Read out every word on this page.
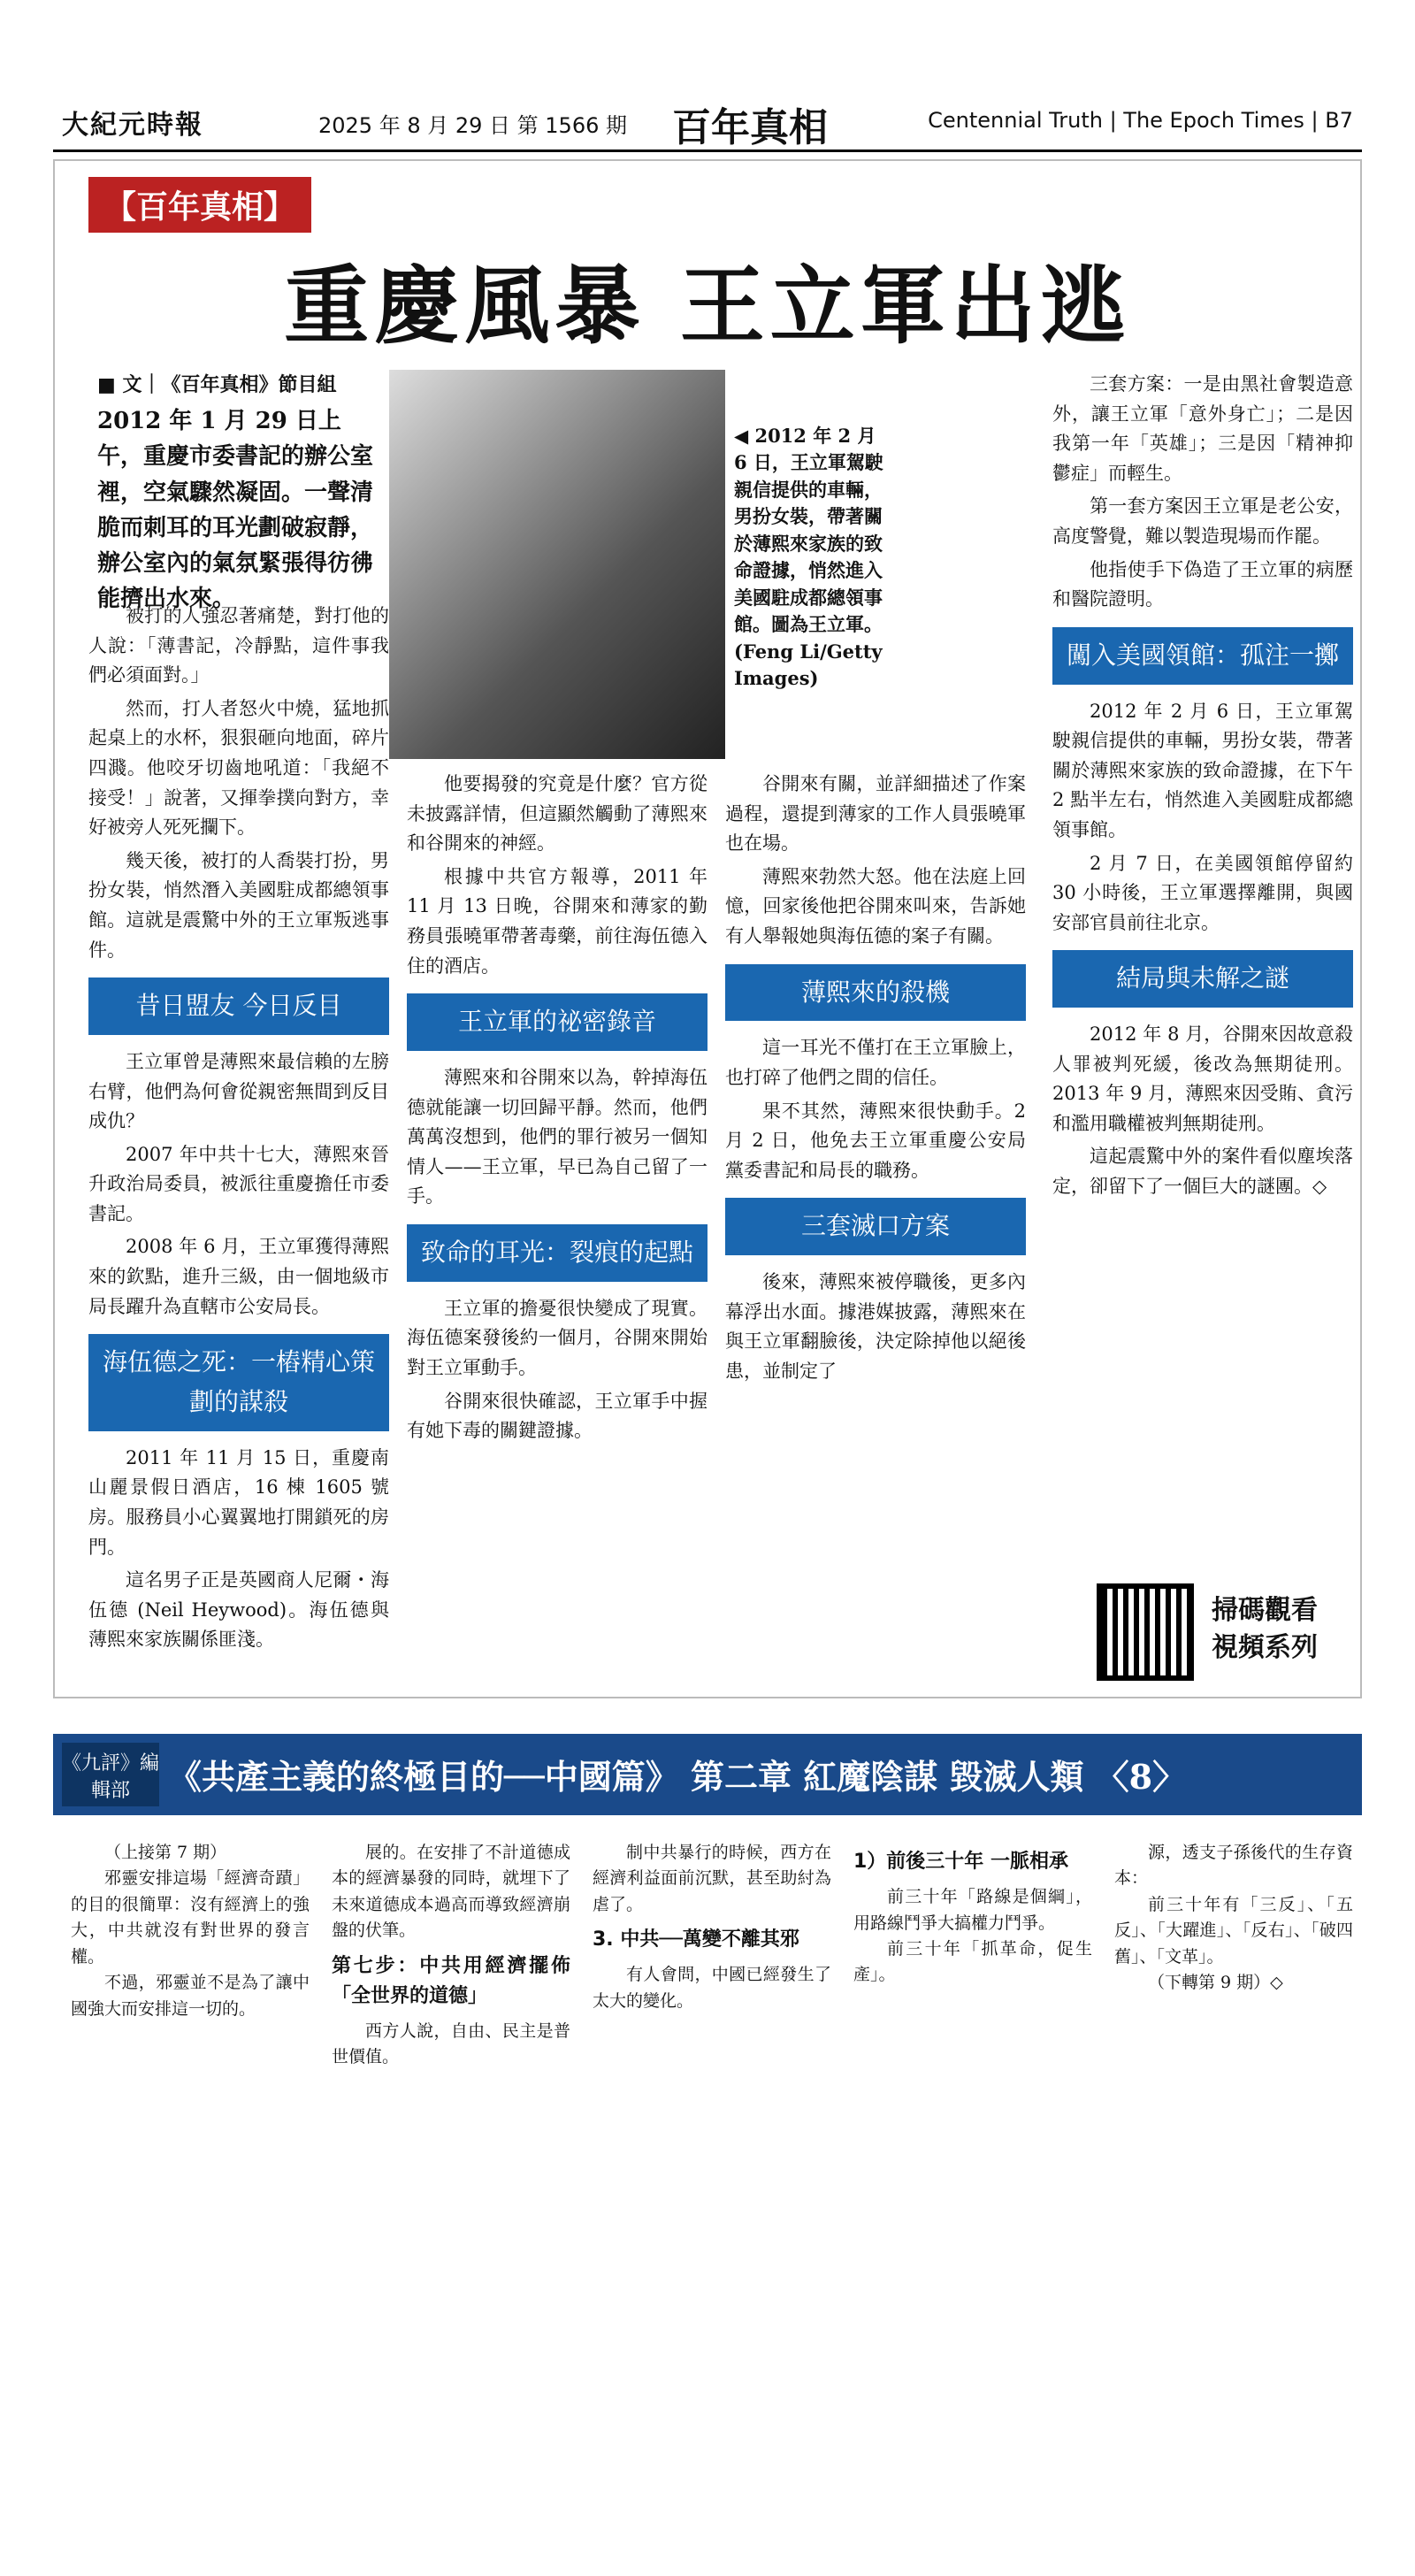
大紀元時報	2025 年 8 月 29 日 第 1566 期 百年真相	Centennial Truth | The Epoch Times | B7
【百年真相】
重慶風暴 王立軍出逃
■ 文｜《百年真相》節目組
2012 年 1 月 29 日上午，重慶市委書記的辦公室裡，空氣驟然凝固。一聲清脆而刺耳的耳光劃破寂靜，辦公室內的氣氛緊張得彷彿能擠出水來。
◀ 2012 年 2 月 6 日，王立軍駕駛親信提供的車輛，男扮女裝，帶著關於薄熙來家族的致命證據，悄然進入美國駐成都總領事館。圖為王立軍。(Feng Li/Getty Images)

被打的人強忍著痛楚，對打他的人說：「薄書記，冷靜點，這件事我們必須面對。」

然而，打人者怒火中燒，猛地抓起桌上的水杯，狠狠砸向地面，碎片四濺。他咬牙切齒地吼道：「我絕不接受！」說著，又揮拳撲向對方，幸好被旁人死死攔下。

幾天後，被打的人喬裝打扮，男扮女裝，悄然潛入美國駐成都總領事館。這就是震驚中外的王立軍叛逃事件。

昔日盟友 今日反目

王立軍曾是薄熙來最信賴的左膀右臂，他們為何會從親密無間到反目成仇？

2007 年中共十七大，薄熙來晉升政治局委員，被派往重慶擔任市委書記。

2008 年 6 月，王立軍獲得薄熙來的欽點，進升三級，由一個地級市局長躍升為直轄市公安局長。

海伍德之死：一樁精心策劃的謀殺

2011 年 11 月 15 日，重慶南山麗景假日酒店，16 棟 1605 號房。服務員小心翼翼地打開鎖死的房門。

這名男子正是英國商人尼爾・海伍德 (Neil Heywood)。海伍德與薄熙來家族關係匪淺。

他要揭發的究竟是什麼？官方從未披露詳情，但這顯然觸動了薄熙來和谷開來的神經。

根據中共官方報導，2011 年 11 月 13 日晚，谷開來和薄家的勤務員張曉軍帶著毒藥，前往海伍德入住的酒店。

王立軍的祕密錄音

薄熙來和谷開來以為，幹掉海伍德就能讓一切回歸平靜。然而，他們萬萬沒想到，他們的罪行被另一個知情人——王立軍，早已為自己留了一手。

致命的耳光：裂痕的起點

王立軍的擔憂很快變成了現實。海伍德案發後約一個月，谷開來開始對王立軍動手。

谷開來很快確認，王立軍手中握有她下毒的關鍵證據。

谷開來有關，並詳細描述了作案過程，還提到薄家的工作人員張曉軍也在場。

薄熙來勃然大怒。他在法庭上回憶，回家後他把谷開來叫來，告訴她有人舉報她與海伍德的案子有關。

薄熙來的殺機

這一耳光不僅打在王立軍臉上，也打碎了他們之間的信任。

果不其然，薄熙來很快動手。2 月 2 日，他免去王立軍重慶公安局黨委書記和局長的職務。

三套滅口方案

後來，薄熙來被停職後，更多內幕浮出水面。據港媒披露，薄熙來在與王立軍翻臉後，決定除掉他以絕後患，並制定了

三套方案：一是由黑社會製造意外，讓王立軍「意外身亡」；二是因我第一年「英雄」；三是因「精神抑鬱症」而輕生。

第一套方案因王立軍是老公安，高度警覺，難以製造現場而作罷。

他指使手下偽造了王立軍的病歷和醫院證明。

闖入美國領館：孤注一擲

2012 年 2 月 6 日，王立軍駕駛親信提供的車輛，男扮女裝，帶著關於薄熙來家族的致命證據，在下午 2 點半左右，悄然進入美國駐成都總領事館。

2 月 7 日，在美國領館停留約 30 小時後，王立軍選擇離開，與國安部官員前往北京。

結局與未解之謎

2012 年 8 月，谷開來因故意殺人罪被判死緩，後改為無期徒刑。2013 年 9 月，薄熙來因受賄、貪污和濫用職權被判無期徒刑。

這起震驚中外的案件看似塵埃落定，卻留下了一個巨大的謎團。◇

掃碼觀看
視頻系列
《九評》編輯部	《共產主義的終極目的──中國篇》 第二章 紅魔陰謀 毀滅人類 〈8〉

（上接第 7 期）

邪靈安排這場「經濟奇蹟」的目的很簡單：沒有經濟上的強大，中共就沒有對世界的發言權。

不過，邪靈並不是為了讓中國強大而安排這一切的。

展的。在安排了不計道德成本的經濟暴發的同時，就埋下了未來道德成本過高而導致經濟崩盤的伏筆。

第七步：中共用經濟擺佈「全世界的道德」

西方人說，自由、民主是普世價值。

制中共暴行的時候，西方在經濟利益面前沉默，甚至助紂為虐了。

3. 中共──萬變不離其邪

有人會問，中國已經發生了太大的變化。

1）前後三十年 一脈相承

前三十年「路線是個綱」，用路線鬥爭大搞權力鬥爭。

前三十年「抓革命，促生產」。

源，透支子孫後代的生存資本：

前三十年有「三反」、「五反」、「大躍進」、「反右」、「破四舊」、「文革」。

（下轉第 9 期）◇
